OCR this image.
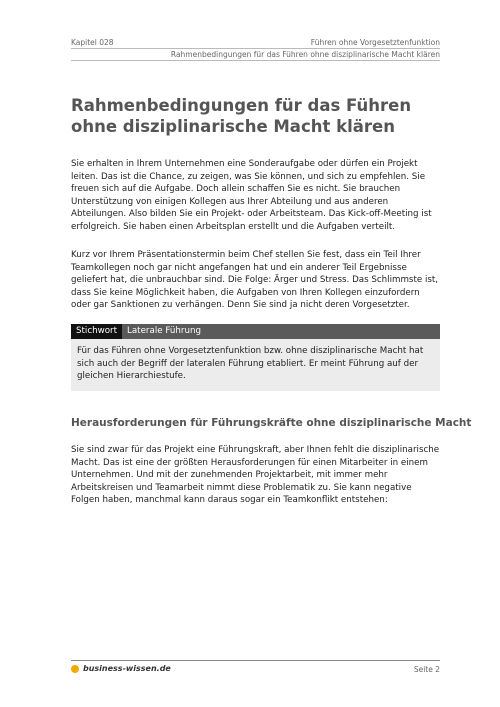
Kapitel 028	Führen ohne Vorgesetztenfunktion
Rahmenbedingungen für das Führen ohne disziplinarische Macht klären
Rahmenbedingungen für das Führen ohne disziplinarische Macht klären

Sie erhalten in Ihrem Unternehmen eine Sonderaufgabe oder dürfen ein Projekt leiten. Das ist die Chance, zu zeigen, was Sie können, und sich zu empfehlen. Sie freuen sich auf die Aufgabe. Doch allein schaffen Sie es nicht. Sie brauchen Unterstützung von einigen Kollegen aus Ihrer Abteilung und aus anderen Abteilungen. Also bilden Sie ein Projekt- oder Arbeitsteam. Das Kick-off-Meeting ist erfolgreich. Sie haben einen Arbeitsplan erstellt und die Aufgaben verteilt.

Kurz vor Ihrem Präsentationstermin beim Chef stellen Sie fest, dass ein Teil Ihrer Teamkollegen noch gar nicht angefangen hat und ein anderer Teil Ergebnisse geliefert hat, die unbrauchbar sind. Die Folge: Ärger und Stress. Das Schlimmste ist, dass Sie keine Möglichkeit haben, die Aufgaben von Ihren Kollegen einzufordern oder gar Sanktionen zu verhängen. Denn Sie sind ja nicht deren Vorgesetzter.

Stichwort	Laterale Führung

Für das Führen ohne Vorgesetztenfunktion bzw. ohne disziplinarische Macht hat sich auch der Begriff der lateralen Führung etabliert. Er meint Führung auf der gleichen Hierarchiestufe.

Herausforderungen für Führungskräfte ohne disziplinarische Macht

Sie sind zwar für das Projekt eine Führungskraft, aber Ihnen fehlt die disziplinarische Macht. Das ist eine der größten Herausforderungen für einen Mitarbeiter in einem Unternehmen. Und mit der zunehmenden Projektarbeit, mit immer mehr Arbeitskreisen und Teamarbeit nimmt diese Problematik zu. Sie kann negative Folgen haben, manchmal kann daraus sogar ein Teamkonflikt entstehen:

business-wissen.de	Seite 2
